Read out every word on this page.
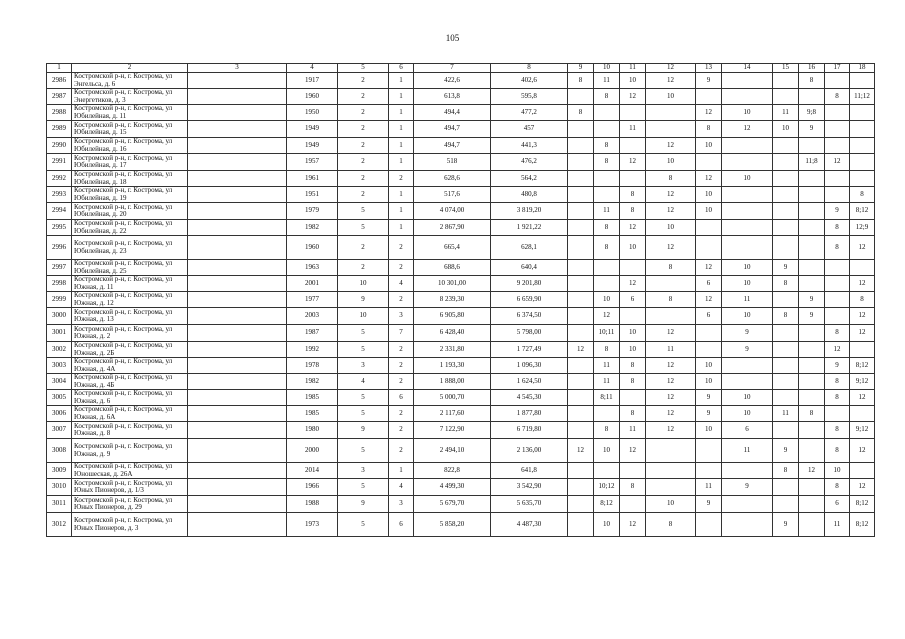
105
1	2	3	4	5	6	7	8	9	10	11	12	13	14	15	16	17	18
2986	Костромской р-н, г. Кострома, ул Энгельса, д. 6		1917	2	1	422,6	402,6	8	11	10	12	9			8		
2987	Костромской р-н, г. Кострома, ул Энергетиков, д. 3		1960	2	1	613,8	595,8		8	12	10					8	11;12
2988	Костромской р-н, г. Кострома, ул Юбилейная, д. 11		1950	2	1	494,4	477,2	8				12	10	11	9;8		
2989	Костромской р-н, г. Кострома, ул Юбилейная, д. 15		1949	2	1	494,7	457			11		8	12	10	9		
2990	Костромской р-н, г. Кострома, ул Юбилейная, д. 16		1949	2	1	494,7	441,3		8		12	10					
2991	Костромской р-н, г. Кострома, ул Юбилейная, д. 17		1957	2	1	518	476,2		8	12	10				11;8	12	
2992	Костромской р-н, г. Кострома, ул Юбилейная, д. 18		1961	2	2	628,6	564,2				8	12	10				
2993	Костромской р-н, г. Кострома, ул Юбилейная, д. 19		1951	2	1	517,6	480,8			8	12	10					8
2994	Костромской р-н, г. Кострома, ул Юбилейная, д. 20		1979	5	1	4 074,00	3 819,20		11	8	12	10				9	8;12
2995	Костромской р-н, г. Кострома, ул Юбилейная, д. 22		1982	5	1	2 867,90	1 921,22		8	12	10					8	12;9
2996	Костромской р-н, г. Кострома, ул Юбилейная, д. 23		1960	2	2	665,4	628,1		8	10	12					8	12
2997	Костромской р-н, г. Кострома, ул Юбилейная, д. 25		1963	2	2	688,6	640,4				8	12	10	9			
2998	Костромской р-н, г. Кострома, ул Южная, д. 11		2001	10	4	10 301,00	9 201,80			12		6	10	8			12
2999	Костромской р-н, г. Кострома, ул Южная, д. 12		1977	9	2	8 239,30	6 659,90		10	6	8	12	11		9		8
3000	Костромской р-н, г. Кострома, ул Южная, д. 13		2003	10	3	6 905,80	6 374,50		12			6	10	8	9		12
3001	Костромской р-н, г. Кострома, ул Южная, д. 2		1987	5	7	6 428,40	5 798,00		10;11	10	12		9			8	12
3002	Костромской р-н, г. Кострома, ул Южная, д. 2Б		1992	5	2	2 331,80	1 727,49	12	8	10	11		9			12	
3003	Костромской р-н, г. Кострома, ул Южная, д. 4А		1978	3	2	1 193,30	1 096,30		11	8	12	10				9	8;12
3004	Костромской р-н, г. Кострома, ул Южная, д. 4Б		1982	4	2	1 888,00	1 624,50		11	8	12	10				8	9;12
3005	Костромской р-н, г. Кострома, ул Южная, д. 6		1985	5	6	5 000,70	4 545,30		8;11		12	9	10			8	12
3006	Костромской р-н, г. Кострома, ул Южная, д. 6А		1985	5	2	2 117,60	1 877,80			8	12	9	10	11	8		
3007	Костромской р-н, г. Кострома, ул Южная, д. 8		1980	9	2	7 122,90	6 719,80		8	11	12	10	6			8	9;12
3008	Костромской р-н, г. Кострома, ул Южная, д. 9		2000	5	2	2 494,10	2 136,00	12	10	12			11	9		8	12
3009	Костромской р-н, г. Кострома, ул Юношеская, д. 26А		2014	3	1	822,8	641,8							8	12	10	
3010	Костромской р-н, г. Кострома, ул Юных Пионеров, д. 1/3		1966	5	4	4 499,30	3 542,90		10;12	8		11	9			8	12
3011	Костромской р-н, г. Кострома, ул Юных Пионеров, д. 29		1988	9	3	5 679,70	5 635,70		8;12		10	9				6	8;12
3012	Костромской р-н, г. Кострома, ул Юных Пионеров, д. 3		1973	5	6	5 858,20	4 487,30		10	12	8			9		11	8;12
